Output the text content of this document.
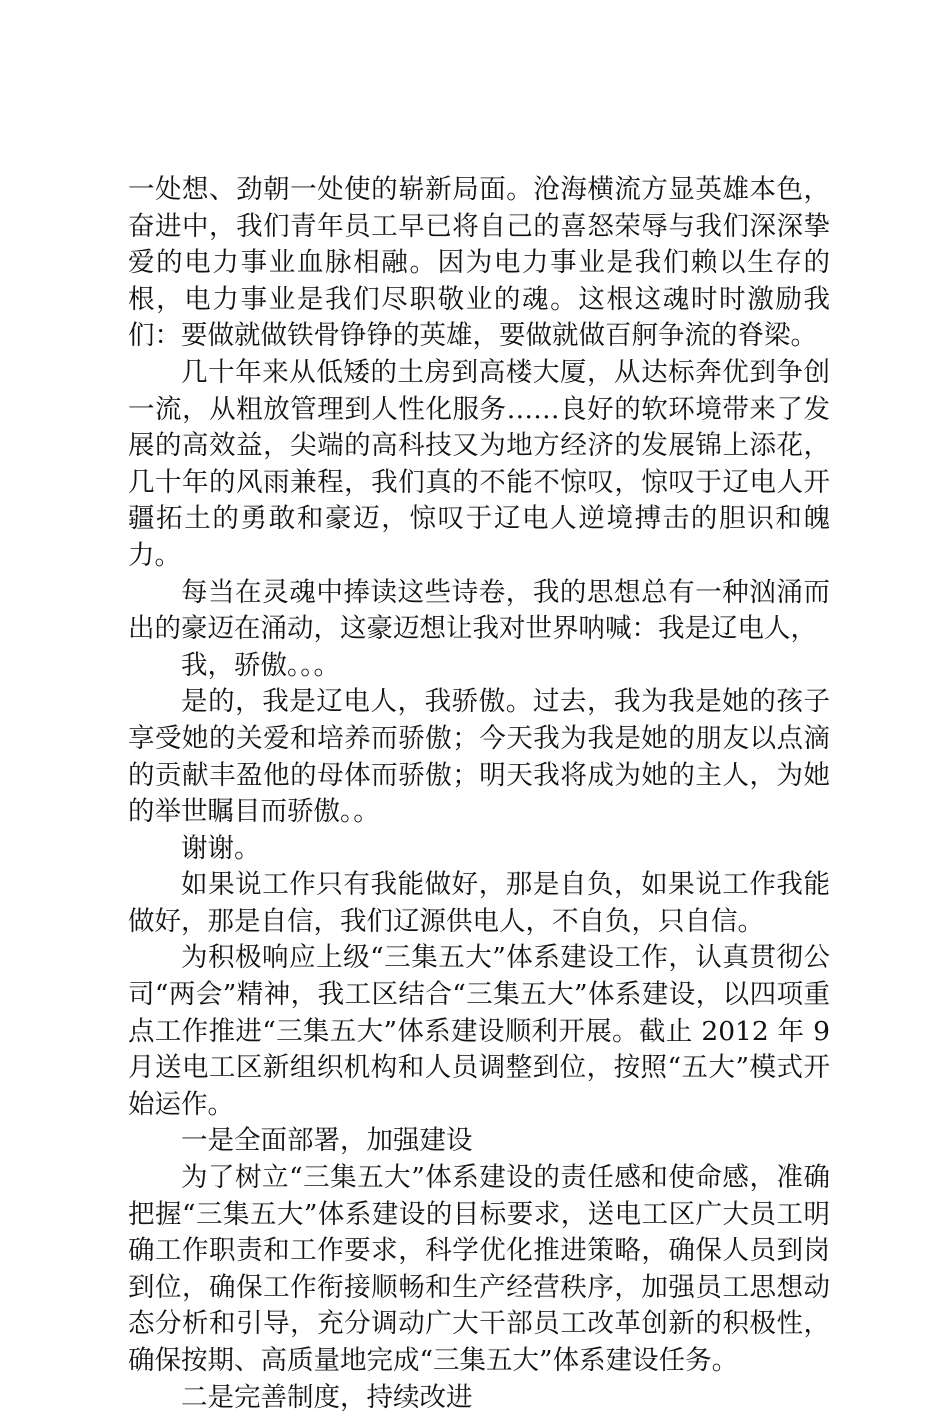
一处想、劲朝一处使的崭新局面。沧海横流方显英雄本色，奋进中，我们青年员工早已将自己的喜怒荣辱与我们深深挚爱的电力事业血脉相融。因为电力事业是我们赖以生存的根，电力事业是我们尽职敬业的魂。这根这魂时时激励我们：要做就做铁骨铮铮的英雄，要做就做百舸争流的脊梁。

几十年来从低矮的土房到高楼大厦，从达标奔优到争创一流，从粗放管理到人性化服务……良好的软环境带来了发展的高效益，尖端的高科技又为地方经济的发展锦上添花，几十年的风雨兼程，我们真的不能不惊叹，惊叹于辽电人开疆拓土的勇敢和豪迈，惊叹于辽电人逆境搏击的胆识和魄力。

每当在灵魂中捧读这些诗卷，我的思想总有一种汹涌而出的豪迈在涌动，这豪迈想让我对世界呐喊：我是辽电人，

我，骄傲。。。

是的，我是辽电人，我骄傲。过去，我为我是她的孩子享受她的关爱和培养而骄傲；今天我为我是她的朋友以点滴的贡献丰盈他的母体而骄傲；明天我将成为她的主人，为她的举世瞩目而骄傲。。

谢谢。

如果说工作只有我能做好，那是自负，如果说工作我能做好，那是自信，我们辽源供电人，不自负，只自信。

为积极响应上级“三集五大”体系建设工作，认真贯彻公司“两会”精神，我工区结合“三集五大”体系建设，以四项重点工作推进“三集五大”体系建设顺利开展。截止 2012 年 9 月送电工区新组织机构和人员调整到位，按照“五大”模式开始运作。

一是全面部署，加强建设

为了树立“三集五大”体系建设的责任感和使命感，准确把握“三集五大”体系建设的目标要求，送电工区广大员工明确工作职责和工作要求，科学优化推进策略，确保人员到岗到位，确保工作衔接顺畅和生产经营秩序，加强员工思想动态分析和引导，充分调动广大干部员工改革创新的积极性，确保按期、高质量地完成“三集五大”体系建设任务。

二是完善制度，持续改进
